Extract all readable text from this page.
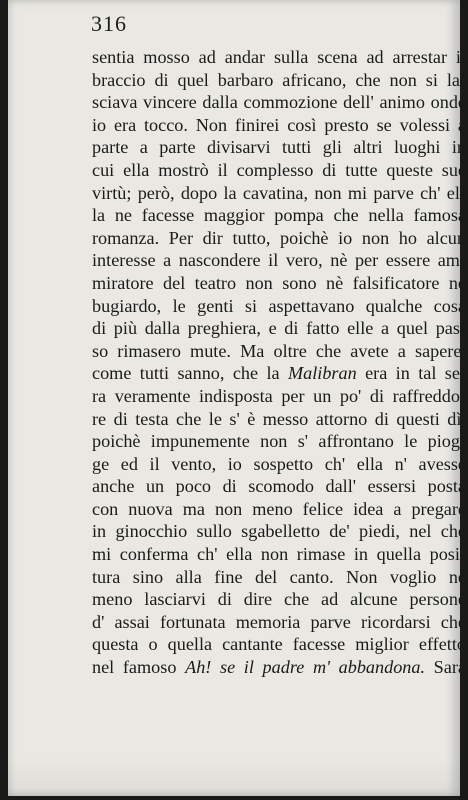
316
sentia mosso ad andar sulla scena ad arrestar il
braccio di quel barbaro africano, che non si la-
sciava vincere dalla commozione dell' animo onde
io era tocco. Non finirei così presto se volessi a
parte a parte divisarvi tutti gli altri luoghi in
cui ella mostrò il complesso di tutte queste sue
virtù; però, dopo la cavatina, non mi parve ch' el-
la ne facesse maggior pompa che nella famosa
romanza. Per dir tutto, poichè io non ho alcun
interesse a nascondere il vero, nè per essere am-
miratore del teatro non sono nè falsificatore nè
bugiardo, le genti si aspettavano qualche cosa
di più dalla preghiera, e di fatto elle a quel pas-
so rimasero mute. Ma oltre che avete a sapere,
come tutti sanno, che la Malibran era in tal se-
ra veramente indisposta per un po' di raffreddo-
re di testa che le s' è messo attorno di questi dì,
poichè impunemente non s' affrontano le piog-
ge ed il vento, io sospetto ch' ella n' avesse
anche un poco di scomodo dall' essersi posta
con nuova ma non meno felice idea a pregare
in ginocchio sullo sgabelletto de' piedi, nel che
mi conferma ch' ella non rimase in quella posi-
tura sino alla fine del canto. Non voglio nè
meno lasciarvi di dire che ad alcune persone
d' assai fortunata memoria parve ricordarsi che
questa o quella cantante facesse miglior effetto
nel famoso Ah! se il padre m' abbandona. Sarà
